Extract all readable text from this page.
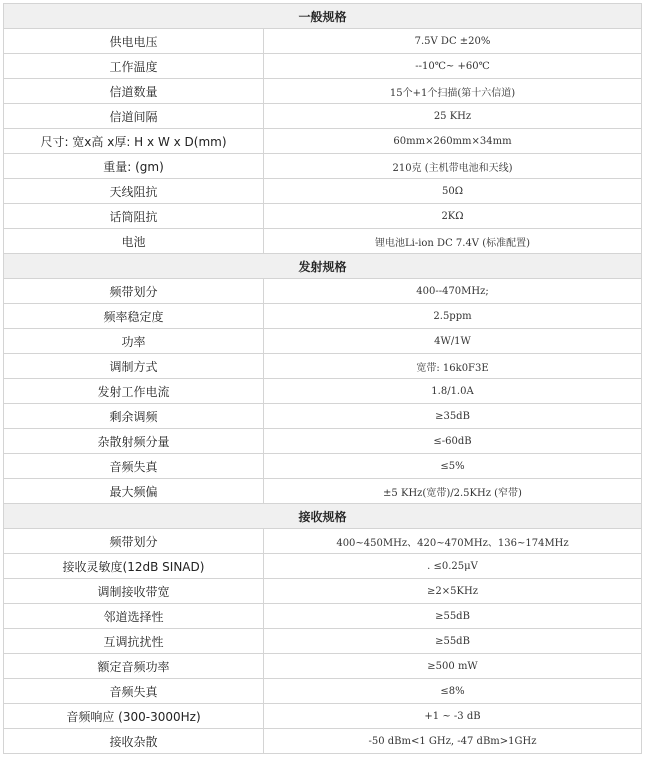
一般规格	
供电电压	7.5V DC ±20%
工作温度	--10℃~ +60℃
信道数量	15个+1个扫描(第十六信道)
信道间隔	25 KHz
尺寸: 宽x高 x厚: H x W x D(mm)	60mm×260mm×34mm
重量: (gm)	210克 (主机带电池和天线)
天线阻抗	50Ω
话筒阻抗	2KΩ
电池	锂电池Li-ion DC 7.4V (标准配置)
发射规格	
频带划分	400--470MHz;
频率稳定度	2.5ppm
功率	4W/1W
调制方式	宽带: 16k0F3E
发射工作电流	1.8/1.0A
剩余调频	≥35dB
杂散射频分量	≤-60dB
音频失真	≤5%
最大频偏	±5 KHz(宽带)/2.5KHz (窄带)
接收规格	
频带划分	400~450MHz、420~470MHz、136~174MHz
接收灵敏度(12dB SINAD)	. ≤0.25μV
调制接收带宽	≥2×5KHz
邻道选择性	≥55dB
互调抗扰性	≥55dB
额定音频功率	≥500 mW
音频失真	≤8%
音频响应 (300-3000Hz)	+1 ~ -3 dB
接收杂散	-50 dBm<1 GHz, -47 dBm>1GHz
